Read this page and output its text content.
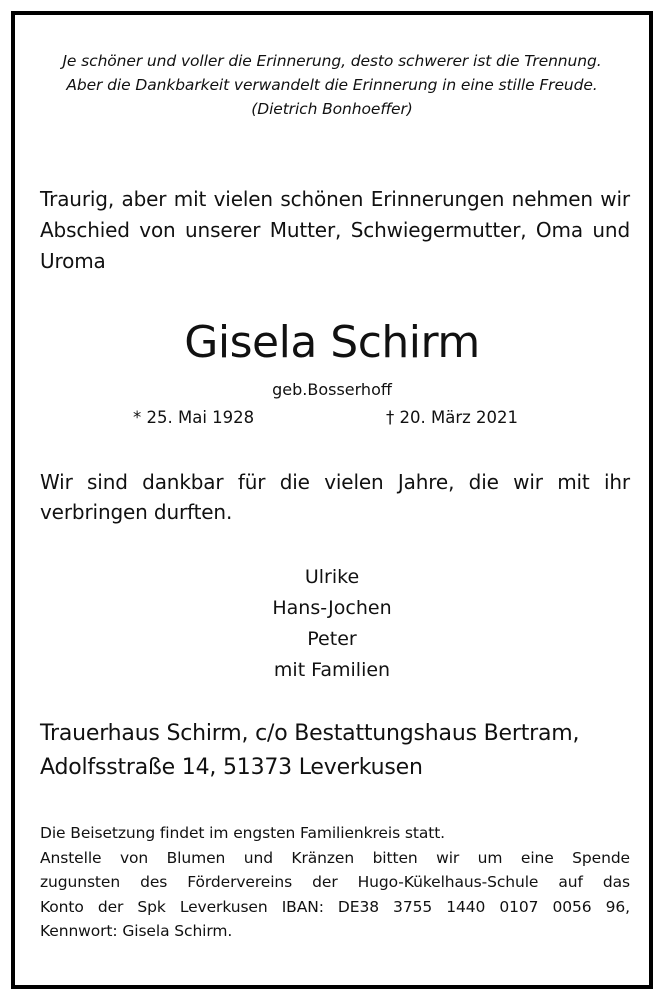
Je schöner und voller die Erinnerung, desto schwerer ist die Trennung.
Aber die Dankbarkeit verwandelt die Erinnerung in eine stille Freude.
(Dietrich Bonhoeffer)
Traurig, aber mit vielen schönen Erinnerungen nehmen wir Abschied von unserer Mutter, Schwiegermutter, Oma und Uroma
Gisela Schirm
geb.Bosserhoff
* 25. Mai 1928	† 20. März 2021
Wir sind dankbar für die vielen Jahre, die wir mit ihr verbringen durften.
Ulrike
Hans-Jochen
Peter
mit Familien
Trauerhaus Schirm, c/o Bestattungshaus Bertram,
Adolfsstraße 14, 51373 Leverkusen
Die Beisetzung findet im engsten Familienkreis statt.
Anstelle von Blumen und Kränzen bitten wir um eine Spende
zugunsten des Fördervereins der Hugo-Kükelhaus-Schule auf das
Konto der Spk Leverkusen IBAN: DE38 3755 1440 0107 0056 96,
Kennwort: Gisela Schirm.
